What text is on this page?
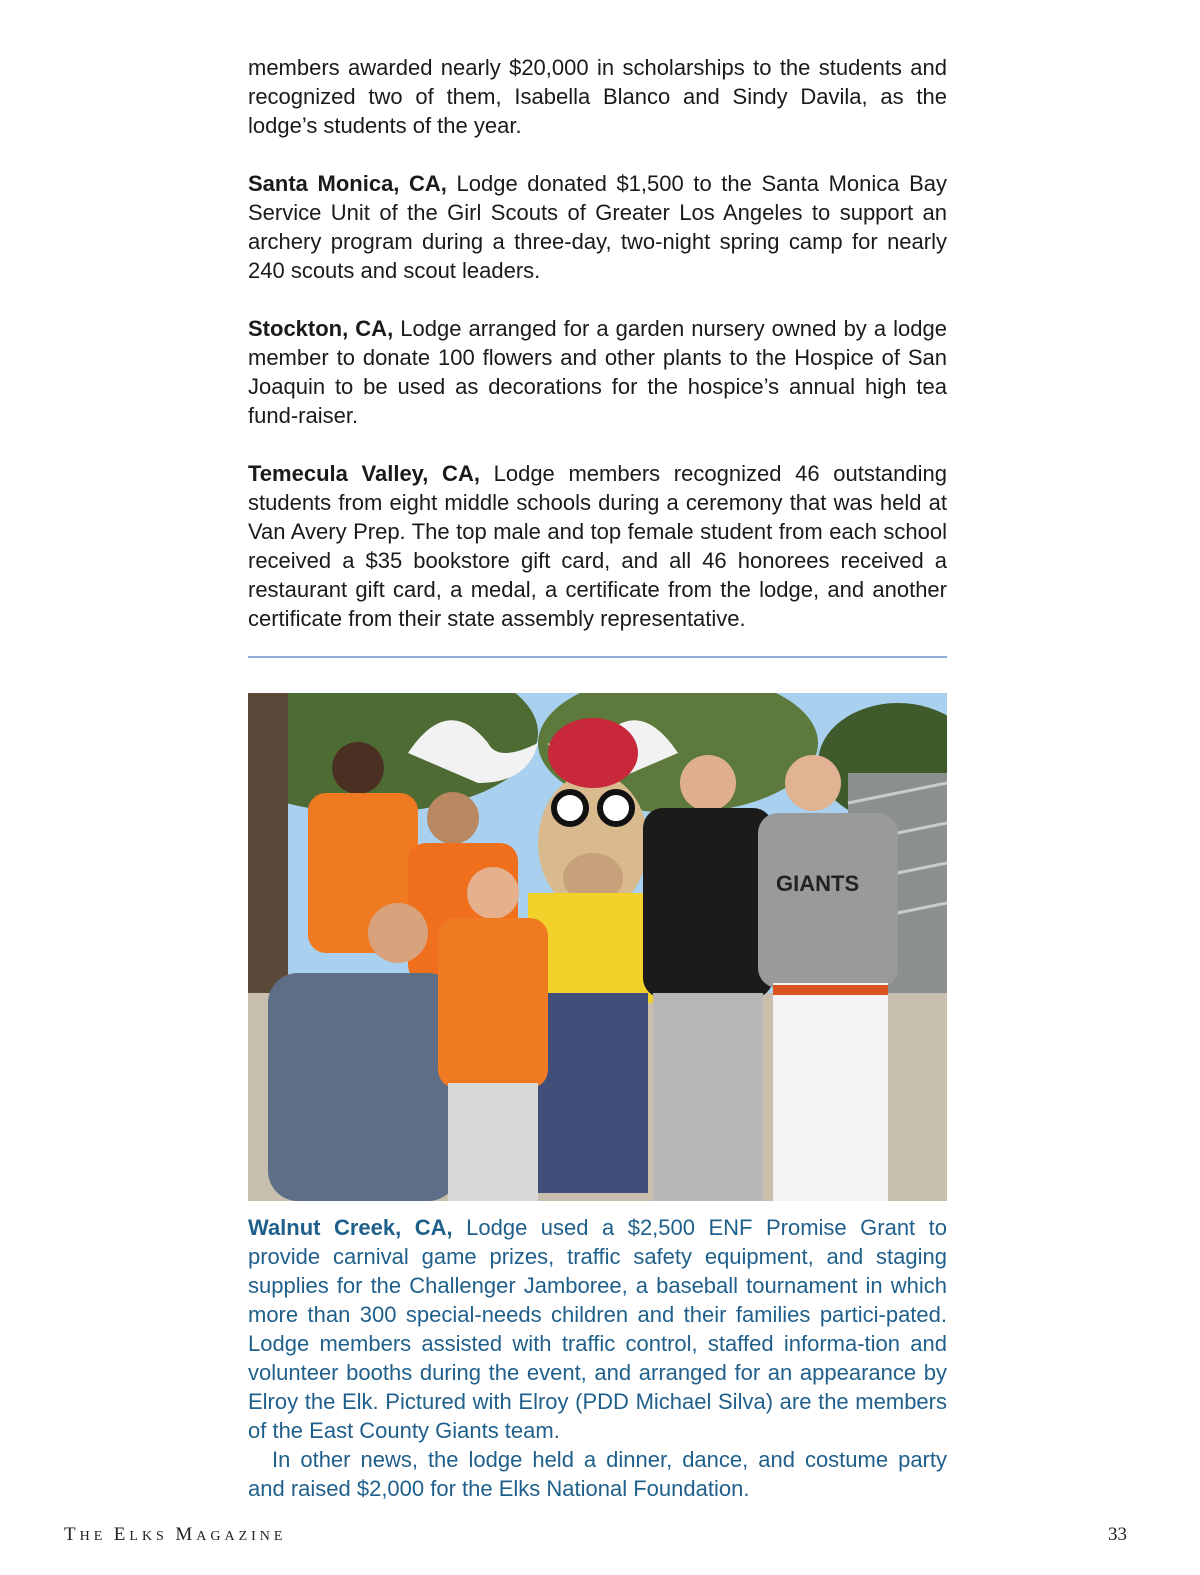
members awarded nearly $20,000 in scholarships to the students and recognized two of them, Isabella Blanco and Sindy Davila, as the lodge’s students of the year.

Santa Monica, CA, Lodge donated $1,500 to the Santa Monica Bay Service Unit of the Girl Scouts of Greater Los Angeles to support an archery program during a three-day, two-night spring camp for nearly 240 scouts and scout leaders.

Stockton, CA, Lodge arranged for a garden nursery owned by a lodge member to donate 100 flowers and other plants to the Hospice of San Joaquin to be used as decorations for the hospice’s annual high tea fund-raiser.

Temecula Valley, CA, Lodge members recognized 46 outstanding students from eight middle schools during a ceremony that was held at Van Avery Prep. The top male and top female student from each school received a $35 bookstore gift card, and all 46 honorees received a restaurant gift card, a medal, a certificate from the lodge, and another certificate from their state assembly representative.

GIANTS

Walnut Creek, CA, Lodge used a $2,500 ENF Promise Grant to provide carnival game prizes, traffic safety equipment, and staging supplies for the Challenger Jamboree, a baseball tournament in which more than 300 special-needs children and their families partici-pated. Lodge members assisted with traffic control, staffed informa-tion and volunteer booths during the event, and arranged for an appearance by Elroy the Elk. Pictured with Elroy (PDD Michael Silva) are the members of the East County Giants team.

In other news, the lodge held a dinner, dance, and costume party and raised $2,000 for the Elks National Foundation.

THE ELKS MAGAZINE	33
